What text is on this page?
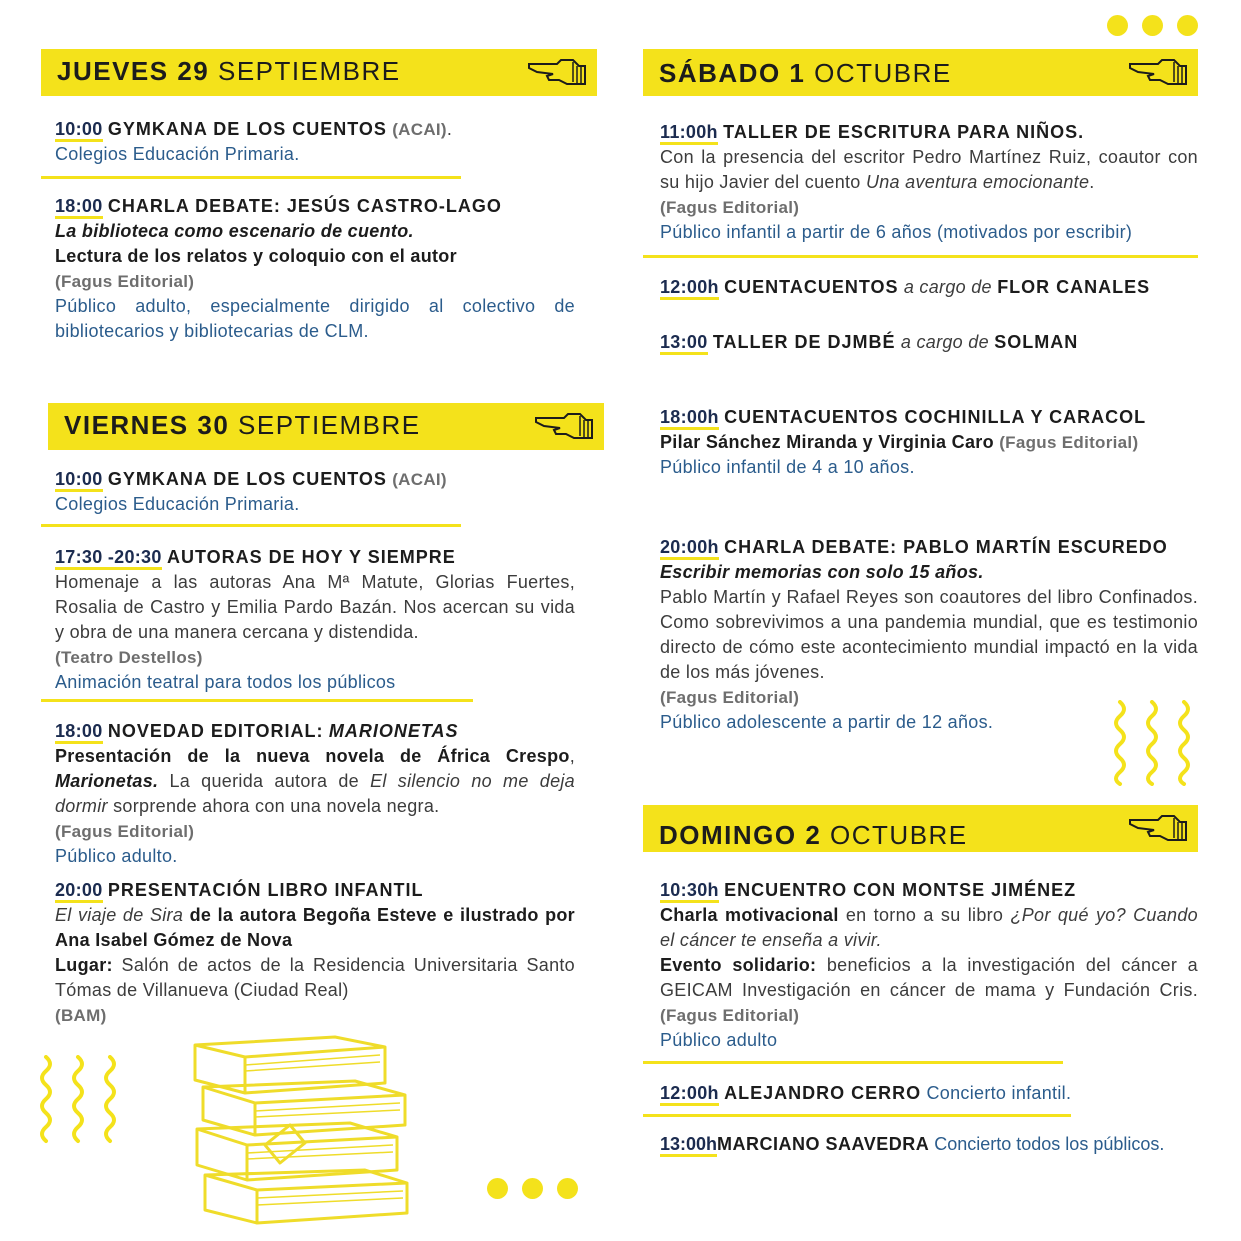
JUEVES 29 SEPTIEMBRE
10:00 GYMKANA DE LOS CUENTOS (ACAI).
Colegios Educación Primaria.
18:00 CHARLA DEBATE: JESÚS CASTRO-LAGO
La biblioteca como escenario de cuento.
Lectura de los relatos y coloquio con el autor
(Fagus Editorial)

Público adulto, especialmente dirigido al colectivo de bibliotecarios y bibliotecarias de CLM.
VIERNES 30 SEPTIEMBRE
10:00 GYMKANA DE LOS CUENTOS (ACAI)
Colegios Educación Primaria.
17:30 -20:30 AUTORAS DE HOY Y SIEMPRE

Homenaje a las autoras Ana Mª Matute, Glorias Fuertes, Rosalia de Castro y Emilia Pardo Bazán. Nos acercan su vida y obra de una manera cercana y distendida.
(Teatro Destellos)
Animación teatral para todos los públicos
18:00 NOVEDAD EDITORIAL: MARIONETAS

Presentación de la nueva novela de África Crespo, Marionetas. La querida autora de El silencio no me deja dormir sorprende ahora con una novela negra.
(Fagus Editorial)
Público adulto.
20:00 PRESENTACIÓN LIBRO INFANTIL

El viaje de Sira de la autora Begoña Esteve e ilustrado por Ana Isabel Gómez de Nova
Lugar: Salón de actos de la Residencia Universitaria Santo Tómas de Villanueva (Ciudad Real)
(BAM)
SÁBADO 1 OCTUBRE
11:00h TALLER DE ESCRITURA PARA NIÑOS.

Con la presencia del escritor Pedro Martínez Ruiz, coautor con su hijo Javier del cuento Una aventura emocionante.
(Fagus Editorial)
Público infantil a partir de 6 años (motivados por escribir)
12:00h CUENTACUENTOS a cargo de FLOR CANALES
13:00 TALLER DE DJMBÉ a cargo de SOLMAN
18:00h CUENTACUENTOS COCHINILLA Y CARACOL
Pilar Sánchez Miranda y Virginia Caro (Fagus Editorial)
Público infantil de 4 a 10 años.
20:00h CHARLA DEBATE: PABLO MARTÍN ESCUREDO
Escribir memorias con solo 15 años.

Pablo Martín y Rafael Reyes son coautores del libro Confinados. Como sobrevivimos a una pandemia mundial, que es testimonio directo de cómo este acontecimiento mundial impactó en la vida de los más jóvenes.
(Fagus Editorial)
Público adolescente a partir de 12 años.
DOMINGO 2 OCTUBRE
10:30h ENCUENTRO CON MONTSE JIMÉNEZ

Charla motivacional en torno a su libro ¿Por qué yo? Cuando el cáncer te enseña a vivir.
Evento solidario: beneficios a la investigación del cáncer a GEICAM Investigación en cáncer de mama y Fundación Cris. (Fagus Editorial)
Público adulto
12:00h ALEJANDRO CERRO Concierto infantil.
13:00hMARCIANO SAAVEDRA Concierto todos los públicos.
